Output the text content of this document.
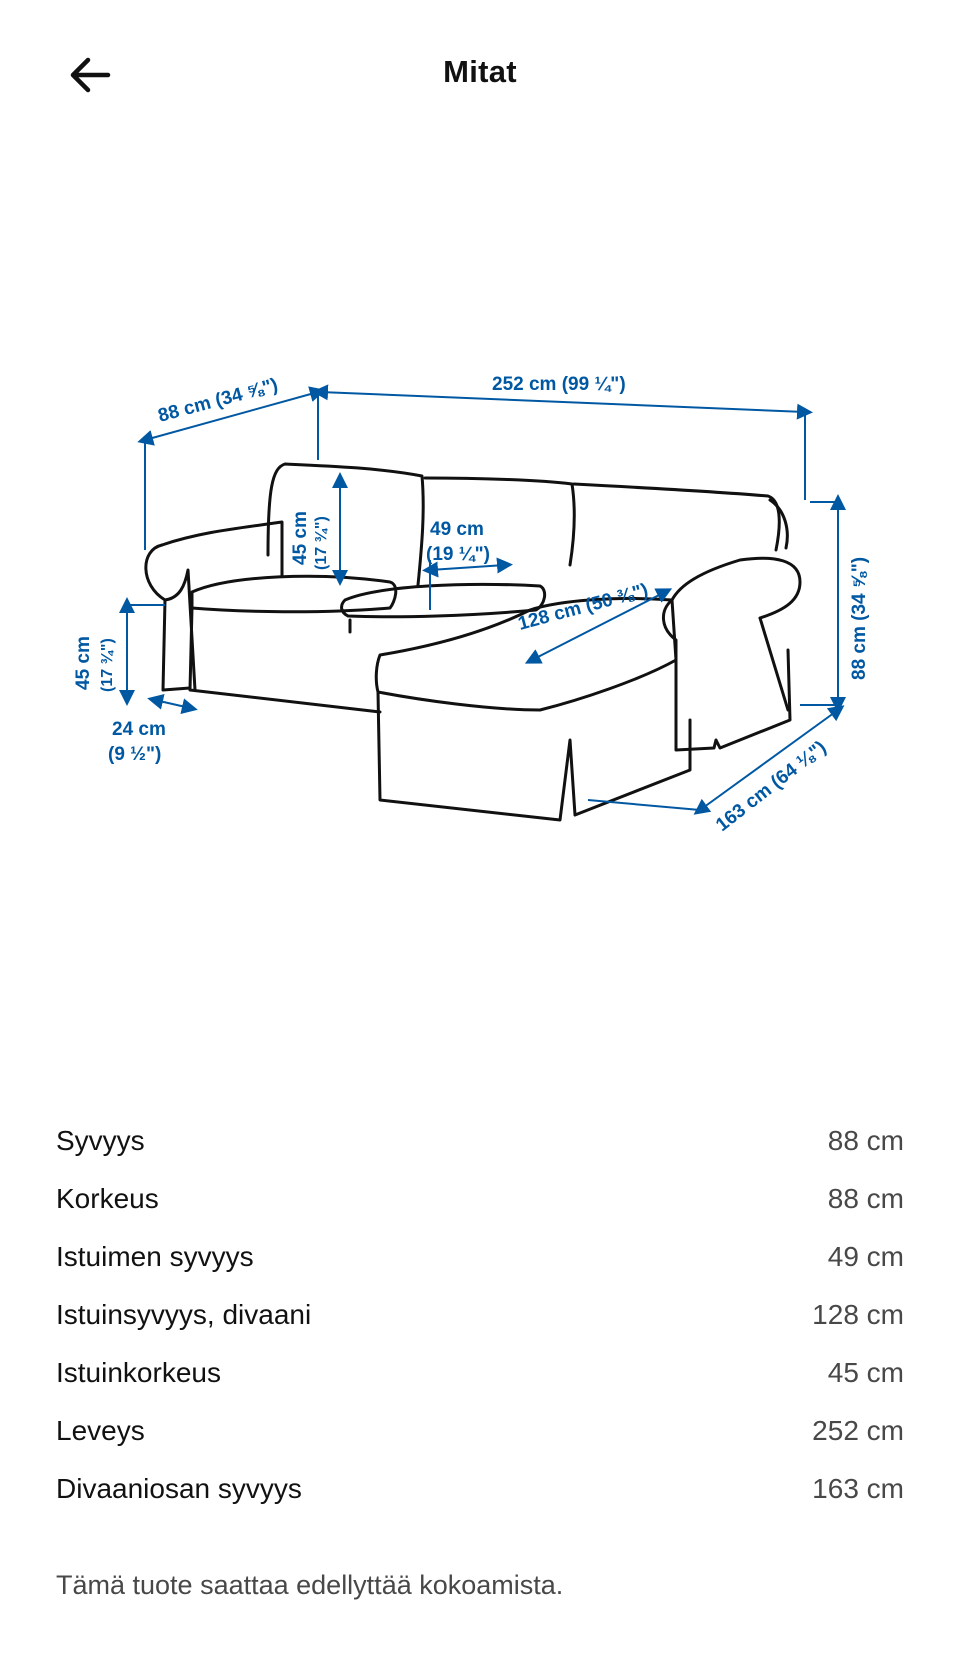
Mitat
88 cm (34 ⅝")	252 cm (99 ¼")
45 cm (17 ¾")	49 cm
(19 ¼")
128 cm (50 ⅜")	88 cm (34 ⅝")
45 cm (17 ¾")
24 cm
(9 ½")	163 cm (64 ⅛")
Syvyys	88 cm
Korkeus	88 cm
Istuimen syvyys	49 cm
Istuinsyvyys, divaani	128 cm
Istuinkorkeus	45 cm
Leveys	252 cm
Divaaniosan syvyys	163 cm
Tämä tuote saattaa edellyttää kokoamista.
